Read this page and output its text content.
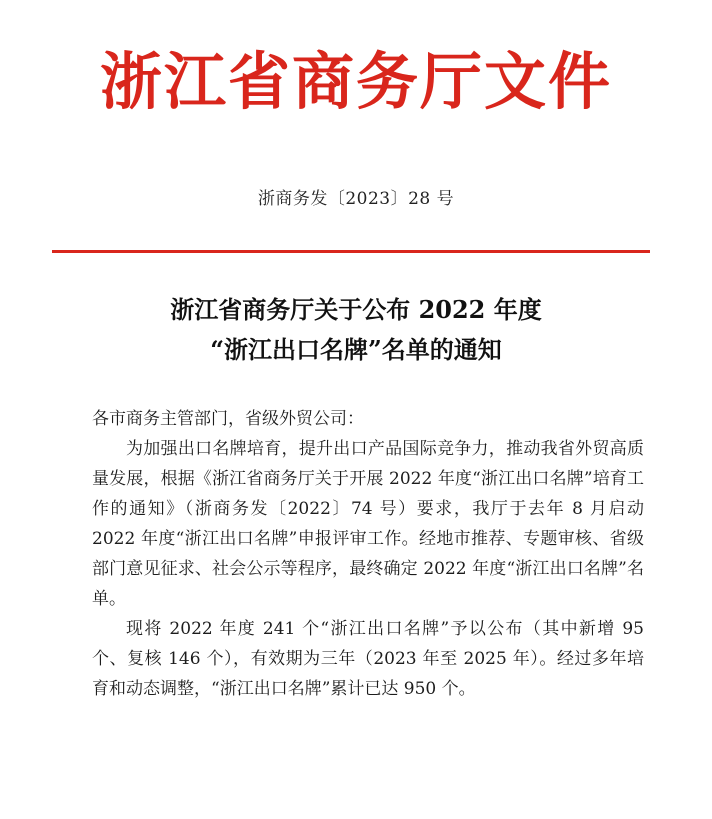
浙江省商务厅文件
浙商务发〔2023〕28 号
浙江省商务厅关于公布 2022 年度
“浙江出口名牌”名单的通知

各市商务主管部门，省级外贸公司：

为加强出口名牌培育，提升出口产品国际竞争力，推动我省外贸高质量发展，根据《浙江省商务厅关于开展 2022 年度“浙江出口名牌”培育工作的通知》（浙商务发〔2022〕74 号）要求，我厅于去年 8 月启动 2022 年度“浙江出口名牌”申报评审工作。经地市推荐、专题审核、省级部门意见征求、社会公示等程序，最终确定 2022 年度“浙江出口名牌”名单。

现将 2022 年度 241 个“浙江出口名牌”予以公布（其中新增 95 个、复核 146 个），有效期为三年（2023 年至 2025 年）。经过多年培育和动态调整，“浙江出口名牌”累计已达 950 个。
